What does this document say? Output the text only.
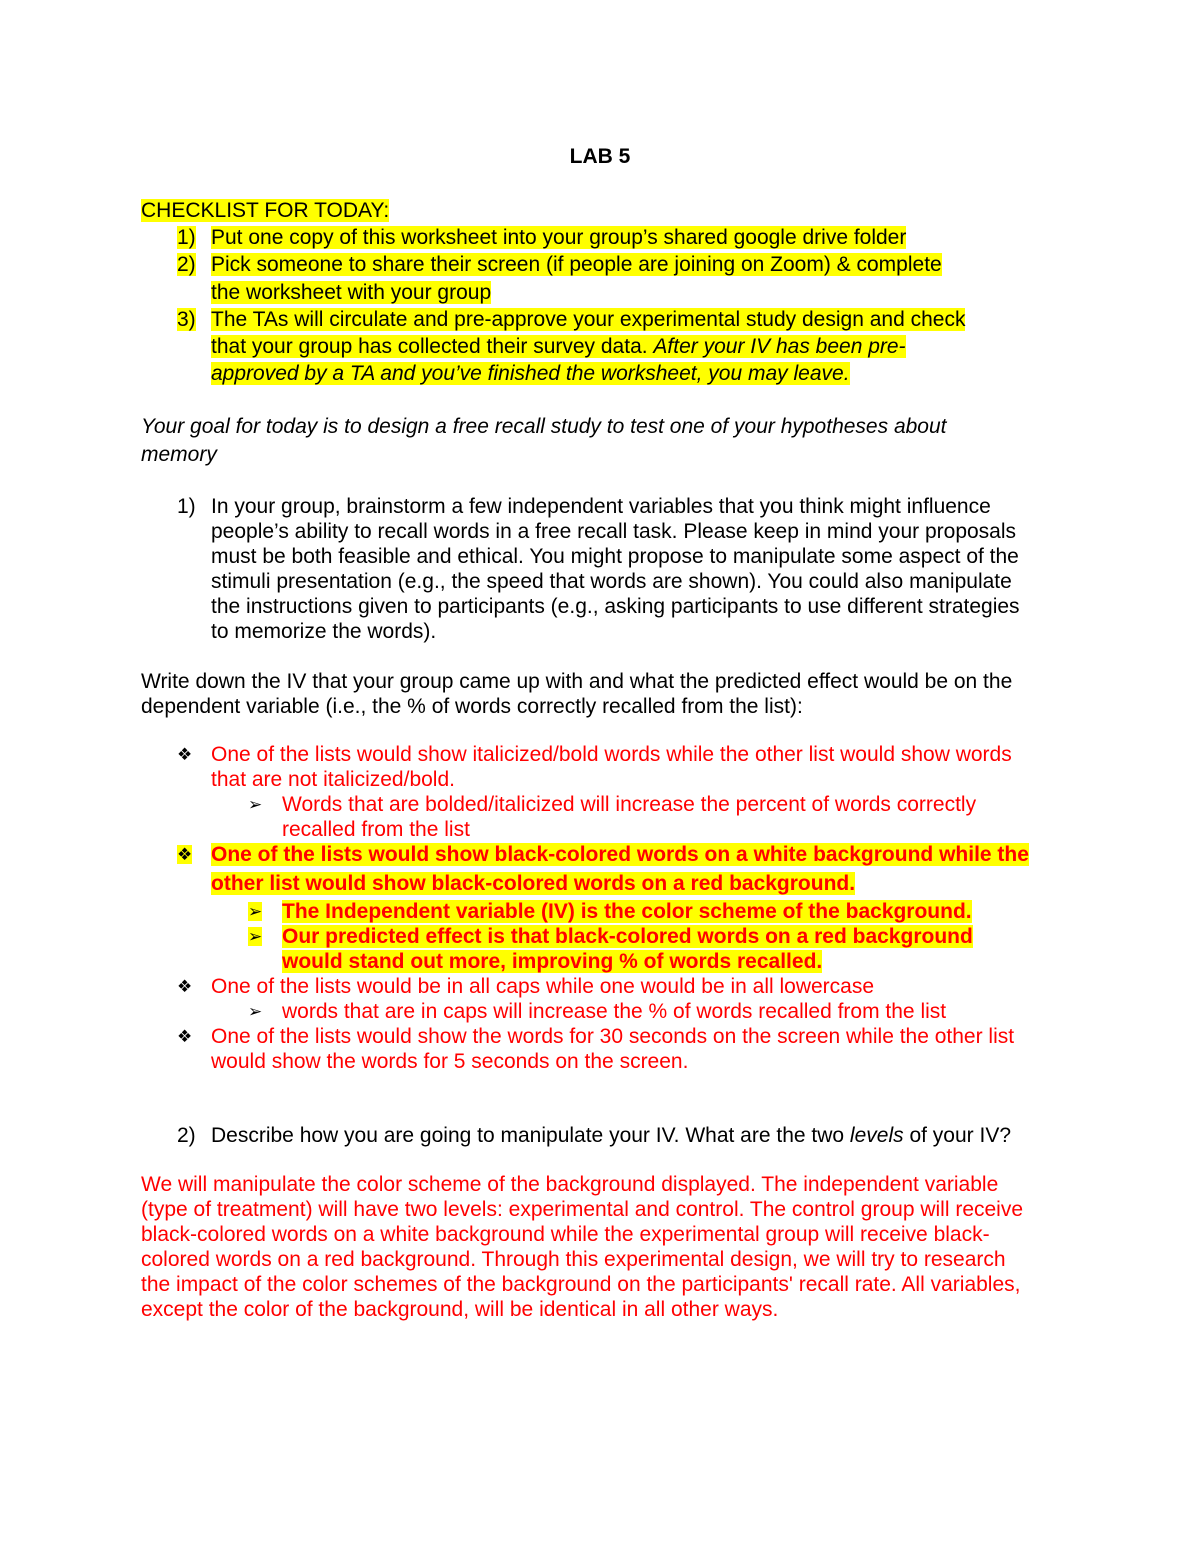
LAB 5
CHECKLIST FOR TODAY:
1) Put one copy of this worksheet into your group’s shared google drive folder
2) Pick someone to share their screen (if people are joining on Zoom) & complete
the worksheet with your group
3) The TAs will circulate and pre-approve your experimental study design and check
that your group has collected their survey data. After your IV has been pre-
approved by a TA and you’ve finished the worksheet, you may leave.
Your goal for today is to design a free recall study to test one of your hypotheses about
memory
1) In your group, brainstorm a few independent variables that you think might influence
people’s ability to recall words in a free recall task. Please keep in mind your proposals
must be both feasible and ethical. You might propose to manipulate some aspect of the
stimuli presentation (e.g., the speed that words are shown). You could also manipulate
the instructions given to participants (e.g., asking participants to use different strategies
to memorize the words).
Write down the IV that your group came up with and what the predicted effect would be on the
dependent variable (i.e., the % of words correctly recalled from the list):
❖ One of the lists would show italicized/bold words while the other list would show words
that are not italicized/bold.
➢ Words that are bolded/italicized will increase the percent of words correctly
recalled from the list
❖ One of the lists would show black-colored words on a white background while the
other list would show black-colored words on a red background.
➢ The Independent variable (IV) is the color scheme of the background.
➢ Our predicted effect is that black-colored words on a red background
would stand out more, improving % of words recalled.
❖ One of the lists would be in all caps while one would be in all lowercase
➢ words that are in caps will increase the % of words recalled from the list
❖ One of the lists would show the words for 30 seconds on the screen while the other list
would show the words for 5 seconds on the screen.
2) Describe how you are going to manipulate your IV. What are the two levels of your IV?
We will manipulate the color scheme of the background displayed. The independent variable
(type of treatment) will have two levels: experimental and control. The control group will receive
black-colored words on a white background while the experimental group will receive black-
colored words on a red background. Through this experimental design, we will try to research
the impact of the color schemes of the background on the participants' recall rate. All variables,
except the color of the background, will be identical in all other ways.
